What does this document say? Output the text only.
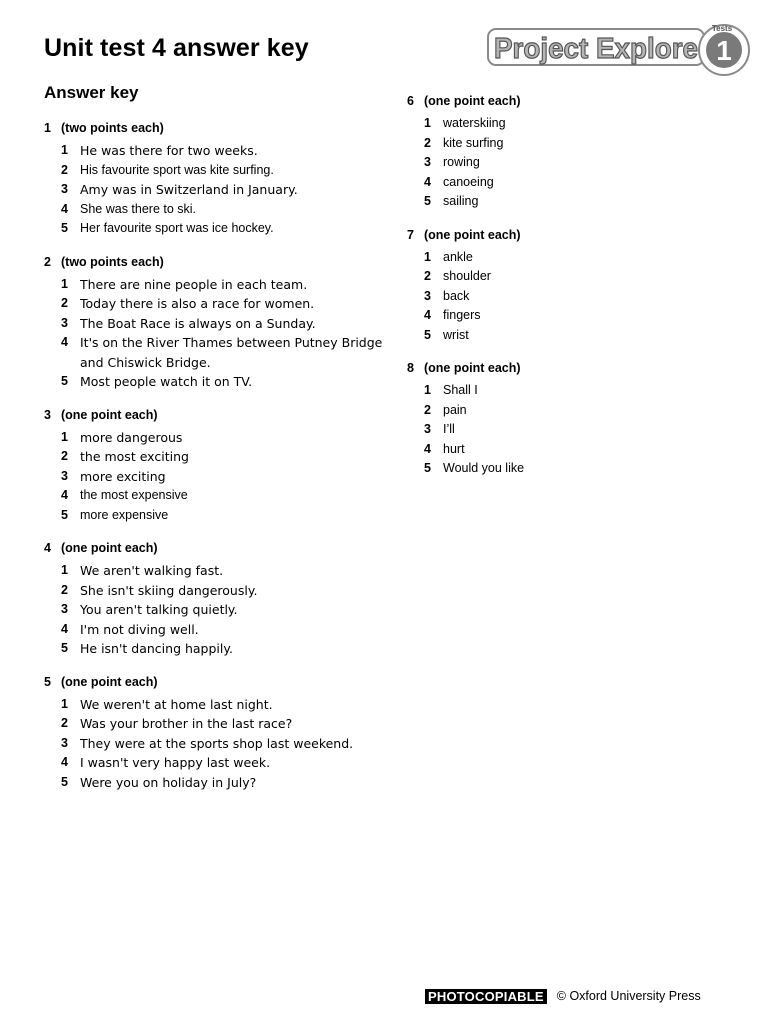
Unit test 4 answer key
Answer key
Project Explore 1
Tests
1 (two points each)
1 He was there for two weeks.
2 His favourite sport was kite surfing.
3 Amy was in Switzerland in January.
4 She was there to ski.
5 Her favourite sport was ice hockey.
2 (two points each)
1 There are nine people in each team.
2 Today there is also a race for women.
3 The Boat Race is always on a Sunday.
4 It's on the River Thames between Putney Bridge and Chiswick Bridge.
5 Most people watch it on TV.
3 (one point each)
1 more dangerous
2 the most exciting
3 more exciting
4 the most expensive
5 more expensive
4 (one point each)
1 We aren't walking fast.
2 She isn't skiing dangerously.
3 You aren't talking quietly.
4 I'm not diving well.
5 He isn't dancing happily.
5 (one point each)
1 We weren't at home last night.
2 Was your brother in the last race?
3 They were at the sports shop last weekend.
4 I wasn't very happy last week.
5 Were you on holiday in July?
6 (one point each)
1 waterskiing
2 kite surfing
3 rowing
4 canoeing
5 sailing
7 (one point each)
1 ankle
2 shoulder
3 back
4 fingers
5 wrist
8 (one point each)
1 Shall I
2 pain
3 I’ll
4 hurt
5 Would you like
PHOTOCOPIABLE © Oxford University Press
